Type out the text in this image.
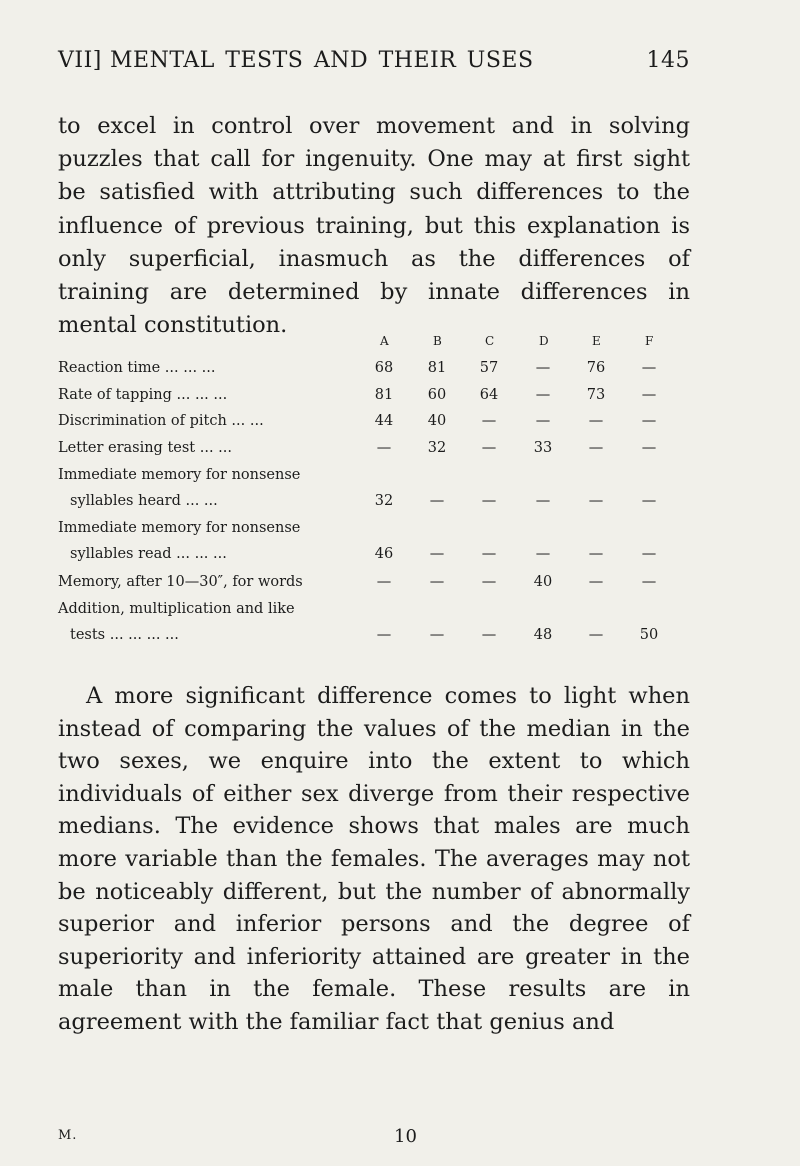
VII] MENTAL TESTS AND THEIR USES	145

to excel in control over movement and in solving puzzles that call for ingenuity. One may at first sight be satisfied with attributing such differences to the influence of previous training, but this explanation is only superficial, inasmuch as the differences of training are determined by innate differences in mental constitution.

A	B	C	D	E	F
Reaction time ... ... ...	68	81	57	—	76	—
Rate of tapping ... ... ...	81	60	64	—	73	—
Discrimination of pitch ... ...	44	40	—	—	—	—
Letter erasing test ... ...	—	32	—	33	—	—
Immediate memory for nonsense
syllables heard ... ...	32	—	—	—	—	—
Immediate memory for nonsense
syllables read ... ... ...	46	—	—	—	—	—
Memory, after 10—30″, for words	—	—	—	40	—	—
Addition, multiplication and like
tests ... ... ... ...	—	—	—	48	—	50

A more significant difference comes to light when instead of comparing the values of the median in the two sexes, we enquire into the extent to which individuals of either sex diverge from their respective medians. The evidence shows that males are much more variable than the females. The averages may not be noticeably different, but the number of abnormally superior and inferior persons and the degree of superiority and inferiority attained are greater in the male than in the female. These results are in agreement with the familiar fact that genius and

M.	10
